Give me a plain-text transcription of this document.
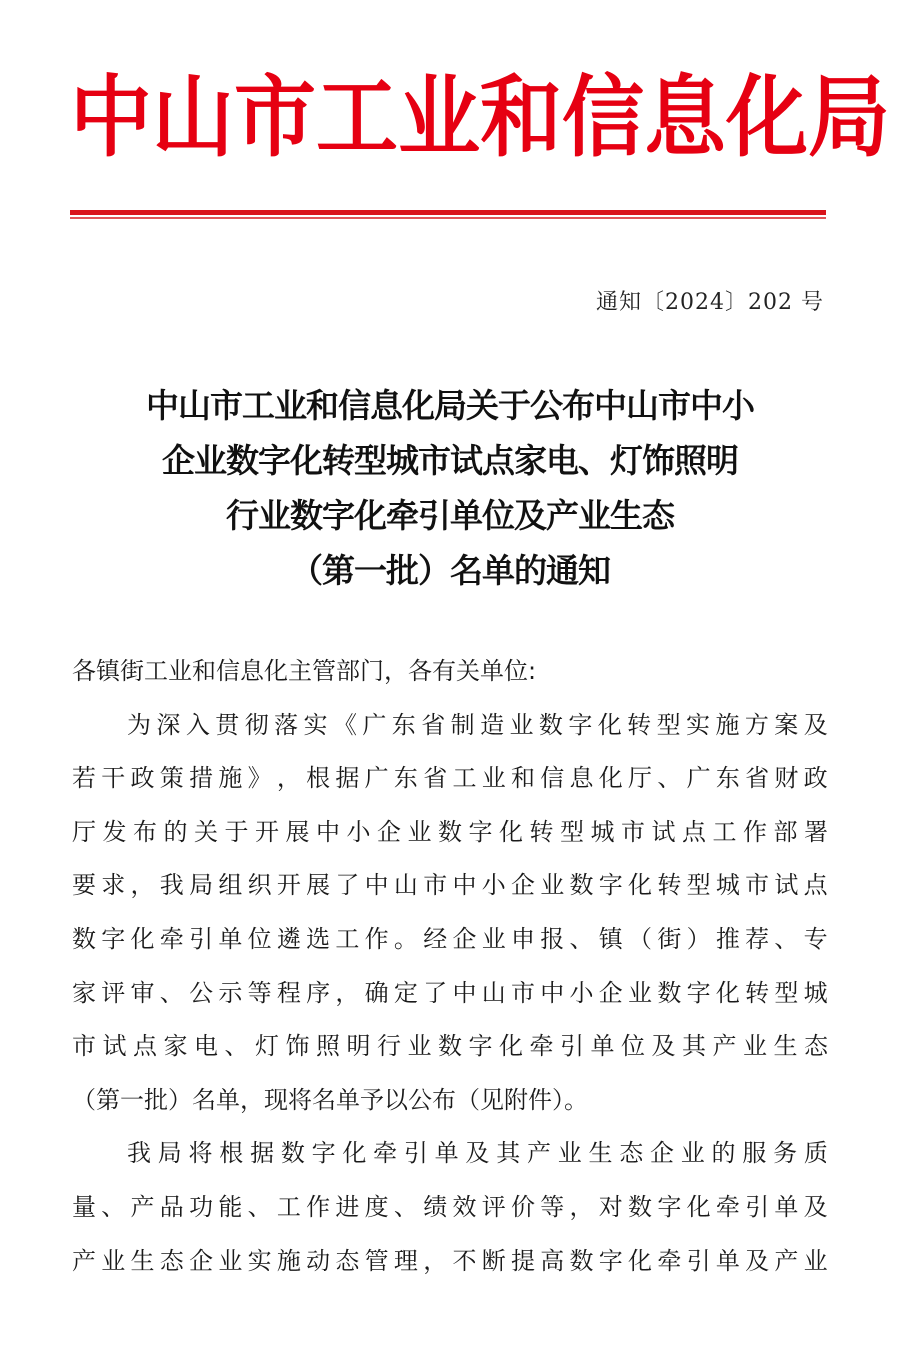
中 山 市 工 业 和 信 息 化 局
通知〔2024〕202 号
中山市工业和信息化局关于公布中山市中小
企业数字化转型城市试点家电、灯饰照明
行业数字化牵引单位及产业生态
（第一批）名单的通知
各镇街工业和信息化主管部门，各有关单位:
为 深 入 贯 彻 落 实 《 广 东 省 制 造 业 数 字 化 转 型 实 施 方 案 及
若 干 政 策 措 施 》 ， 根 据 广 东 省 工 业 和 信 息 化 厅 、 广 东 省 财 政
厅 发 布 的 关 于 开 展 中 小 企 业 数 字 化 转 型 城 市 试 点 工 作 部 署
要 求 ， 我 局 组 织 开 展 了 中 山 市 中 小 企 业 数 字 化 转 型 城 市 试 点
数 字 化 牵 引 单 位 遴 选 工 作 。 经 企 业 申 报 、 镇 （ 街 ） 推 荐 、 专
家 评 审 、 公 示 等 程 序 ， 确 定 了 中 山 市 中 小 企 业 数 字 化 转 型 城
市 试 点 家 电 、 灯 饰 照 明 行 业 数 字 化 牵 引 单 位 及 其 产 业 生 态
（第一批）名单，现将名单予以公布（见附件）。
我 局 将 根 据 数 字 化 牵 引 单 及 其 产 业 生 态 企 业 的 服 务 质
量 、 产 品 功 能 、 工 作 进 度 、 绩 效 评 价 等 ， 对 数 字 化 牵 引 单 及
产 业 生 态 企 业 实 施 动 态 管 理 ， 不 断 提 高 数 字 化 牵 引 单 及 产 业
